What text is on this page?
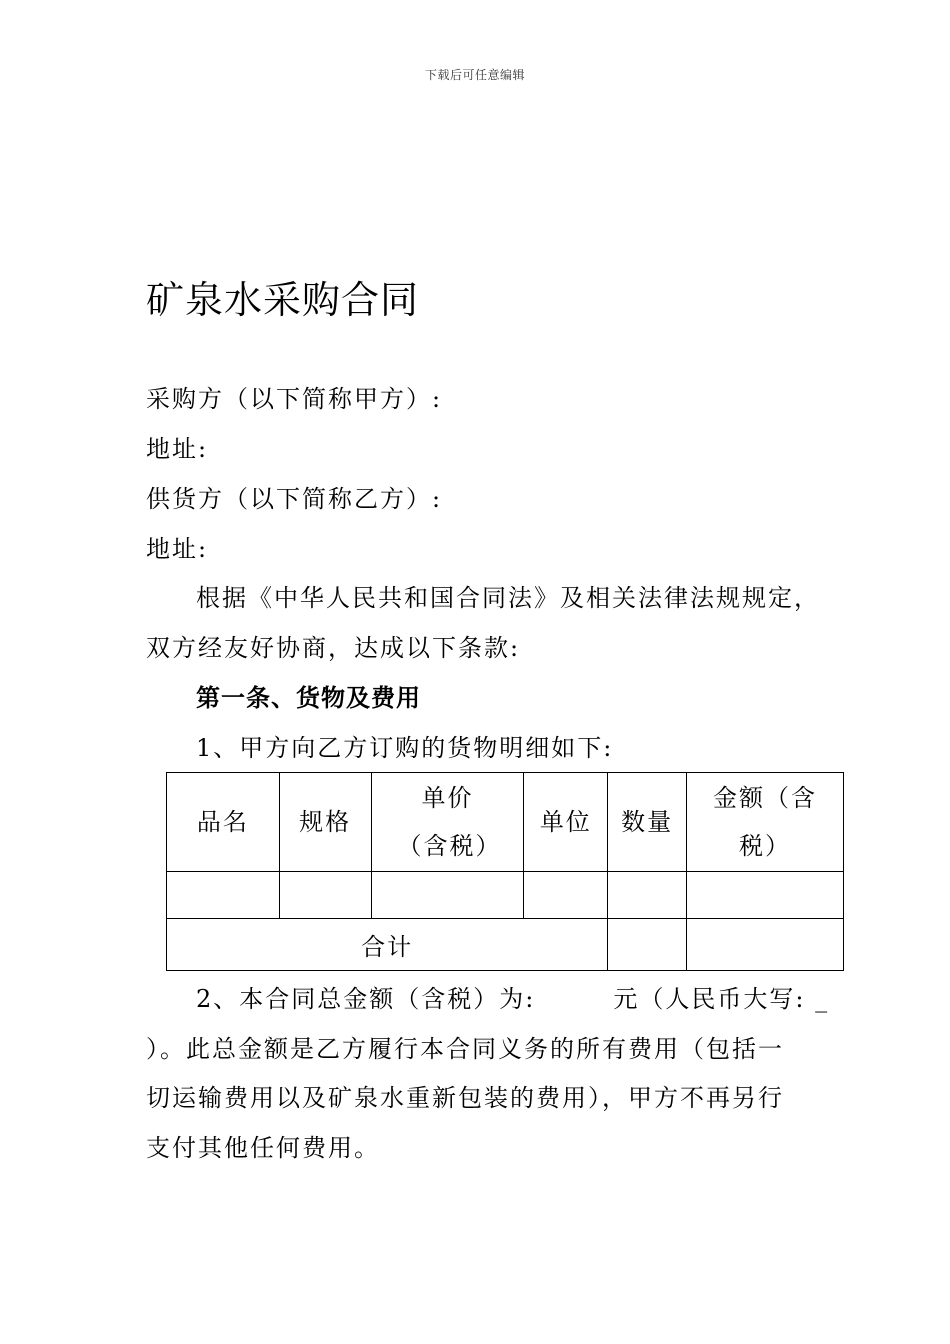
下载后可任意编辑
矿泉水采购合同
采购方（以下简称甲方）:
地址:
供货方（以下简称乙方）:
地址:
根据《中华人民共和国合同法》及相关法律法规规定，
双方经友好协商，达成以下条款:
第一条、货物及费用
1、甲方向乙方订购的货物明细如下:
品名	规格	单价（含税）	单位	数量	金额（含税）

合计					
2、本合同总金额（含税）为:　　　元（人民币大写: _
）。此总金额是乙方履行本合同义务的所有费用（包括一
切运输费用以及矿泉水重新包装的费用），甲方不再另行
支付其他任何费用。
